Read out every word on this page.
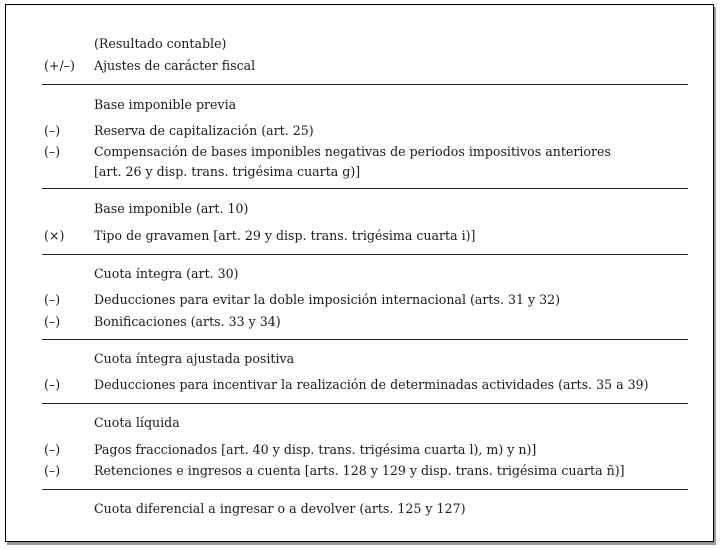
(Resultado contable)
(+/–) Ajustes de carácter fiscal
Base imponible previa
(–)	Reserva de capitalización (art. 25)
(–)	Compensación de bases imponibles negativas de periodos impositivos anteriores
[art. 26 y disp. trans. trigésima cuarta g)]
Base imponible (art. 10)
(×)	Tipo de gravamen [art. 29 y disp. trans. trigésima cuarta i)]
Cuota íntegra (art. 30)
(–)	Deducciones para evitar la doble imposición internacional (arts. 31 y 32)
(–)	Bonificaciones (arts. 33 y 34)
Cuota íntegra ajustada positiva
(–)	Deducciones para incentivar la realización de determinadas actividades (arts. 35 a 39)
Cuota líquida
(–)	Pagos fraccionados [art. 40 y disp. trans. trigésima cuarta l), m) y n)]
(–)	Retenciones e ingresos a cuenta [arts. 128 y 129 y disp. trans. trigésima cuarta ñ)]
Cuota diferencial a ingresar o a devolver (arts. 125 y 127)
